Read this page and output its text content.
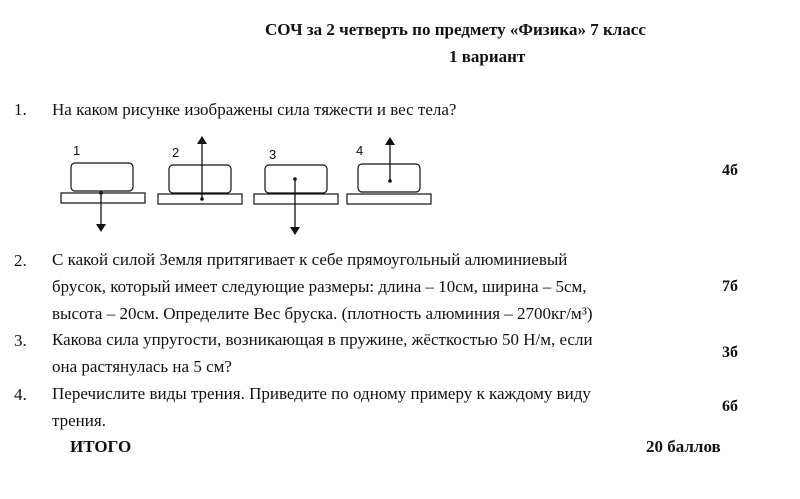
СОЧ за 2 четверть по предмету «Физика» 7 класс
1 вариант
1. На каком рисунке изображены сила тяжести и вес тела?
1	2	3	4
4б
2. С какой силой Земля притягивает к себе прямоугольный алюминиевый
брусок, который имеет следующие размеры: длина – 10см, ширина – 5см,
высота – 20см. Определите Вес бруска. (плотность алюминия – 2700кг/м³)
7б
3. Какова сила упругости, возникающая в пружине, жёсткостью 50 Н/м, если
она растянулась на 5 см?
3б
4. Перечислите виды трения. Приведите по одному примеру к каждому виду
трения.
6б
ИТОГО	20 баллов
